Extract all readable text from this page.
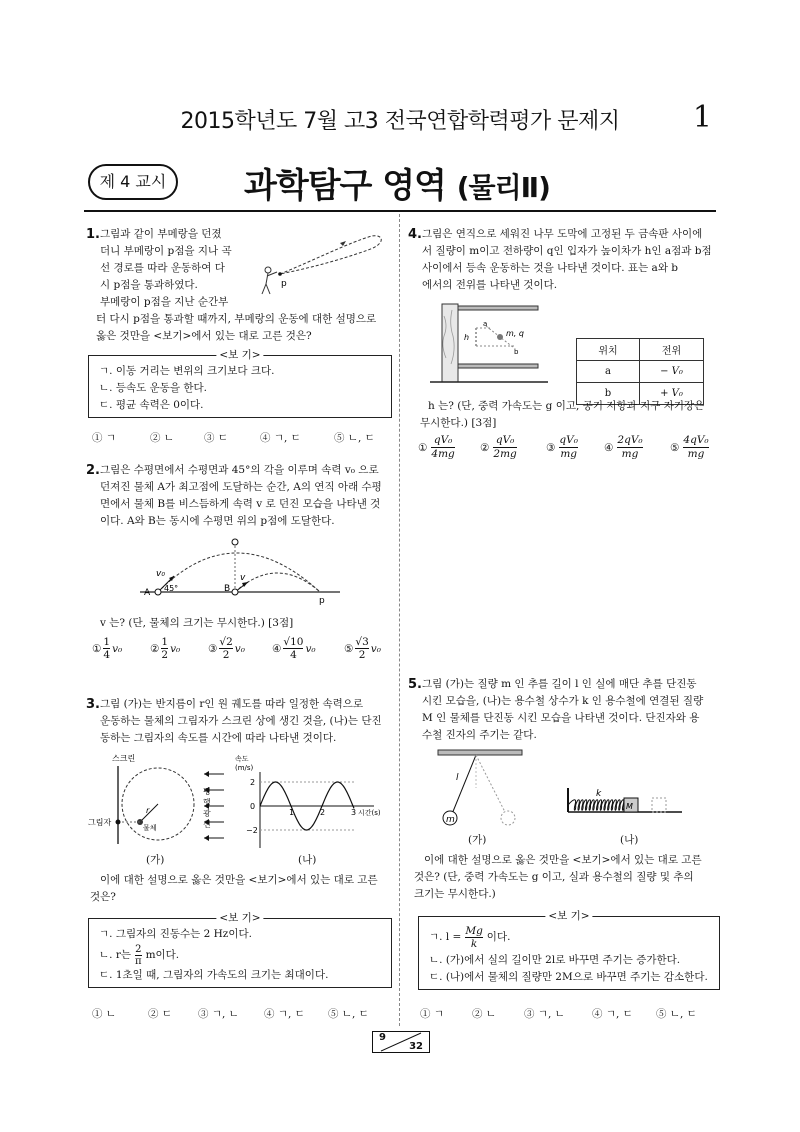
2015학년도 7월 고3 전국연합학력평가 문제지	1
제 4 교시	과학탐구 영역 (물리Ⅱ)
1. 그림과 같이 부메랑을 던졌
더니 부메랑이 p점을 지나 곡
선 경로를 따라 운동하여 다
시 p점을 통과하였다.
부메랑이 p점을 지난 순간부
터 다시 p점을 통과할 때까지, 부메랑의 운동에 대한 설명으로
옳은 것만을 <보기>에서 있는 대로 고른 것은?
p
<보 기>
ㄱ. 이동 거리는 변위의 크기보다 크다.
ㄴ. 등속도 운동을 한다.
ㄷ. 평균 속력은 0이다.
① ㄱ	② ㄴ	③ ㄷ	④ ㄱ, ㄷ	⑤ ㄴ, ㄷ
2. 그림은 수평면에서 수평면과 45°의 각을 이루며 속력 v₀ 으로
던져진 물체 A가 최고점에 도달하는 순간, A의 연직 아래 수평
면에서 물체 B를 비스듬하게 속력 v 로 던진 모습을 나타낸 것
이다. A와 B는 동시에 수평면 위의 p점에 도달한다.
A
v₀
45°	B
v
p
v 는? (단, 물체의 크기는 무시한다.) [3점]
① $\frac{1}{4} v_0$	② $\frac{1}{2} v_0$	③ $\frac{√2}{2} v_0$	④ $\frac{√10}{4} v_0$	⑤ $\frac{√3}{2} v_0$
3. 그림 (가)는 반지름이 r인 원 궤도를 따라 일정한 속력으로
운동하는 물체의 그림자가 스크린 상에 생긴 것을, (나)는 단진
동하는 그림자의 속도를 시간에 따라 나타낸 것이다.
스크린
r
그림자
물체
평
행
광
선
속도
(m/s)
2
0
−2
1	2	3 시간(s)
(가)	(나)
이에 대한 설명으로 옳은 것만을 <보기>에서 있는 대로 고른
것은?
<보 기>
ㄱ. 그림자의 진동수는 2 Hz이다.
ㄴ. r는 $\frac{2}{\pi}$ m이다.
ㄷ. 1초일 때, 그림자의 가속도의 크기는 최대이다.
① ㄴ	② ㄷ	③ ㄱ, ㄴ	④ ㄱ, ㄷ	⑤ ㄴ, ㄷ
4. 그림은 연직으로 세워진 나무 도막에 고정된 두 금속판 사이에
서 질량이 m이고 전하량이 q인 입자가 높이차가 h인 a점과 b점
사이에서 등속 운동하는 것을 나타낸 것이다. 표는 a와 b
에서의 전위를 나타낸 것이다.
h
a
b
m, q
위치	전위
a	− V₀
b	+ V₀
h 는? (단, 중력 가속도는 g 이고, 공기 저항과 지구 자기장은
무시한다.) [3점]
① $\frac{\text{qV₀}}{4mg}$ ② $\frac{\text{qV₀}}{2mg}$	③ $\frac{\text{qV₀}}{mg}$ ④ $\frac{\text{2qV₀}}{mg}$	⑤ $\frac{\text{4qV₀}}{mg}$
5. 그림 (가)는 질량 m 인 추를 길이 l 인 실에 매단 추를 단진동
시킨 모습을, (나)는 용수철 상수가 k 인 용수철에 연결된 질량
M 인 물체를 단진동 시킨 모습을 나타낸 것이다. 단진자와 용
수철 진자의 주기는 같다.
l
m
k
M
(가)	(나)
이에 대한 설명으로 옳은 것만을 <보기>에서 있는 대로 고른
것은? (단, 중력 가속도는 g 이고, 실과 용수철의 질량 및 추의
크기는 무시한다.)
<보 기>
ㄱ. $l = \frac{Mg}{k}$ 이다.
ㄴ. (가)에서 실의 길이만 2l로 바꾸면 주기는 증가한다.
ㄷ. (나)에서 물체의 질량만 2M으로 바꾸면 주기는 감소한다.
① ㄱ	② ㄴ	③ ㄱ, ㄴ	④ ㄱ, ㄷ	⑤ ㄴ, ㄷ
9
32
